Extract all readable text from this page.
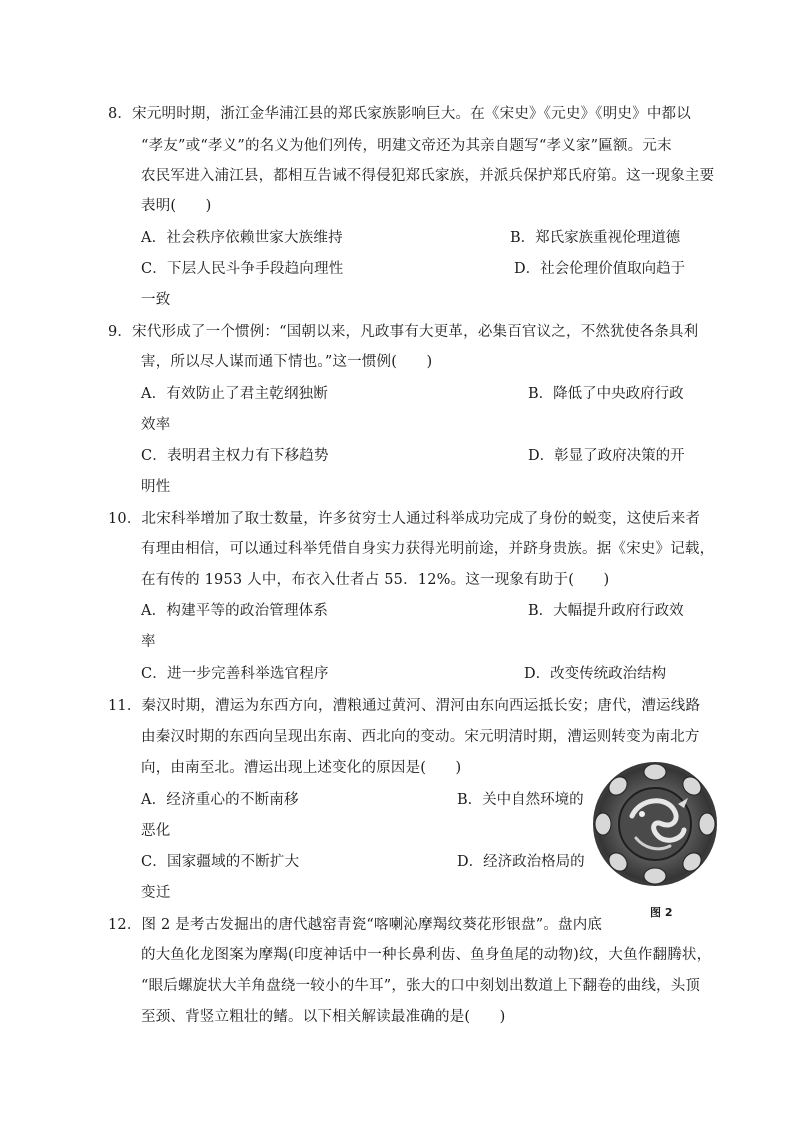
8．宋元明时期，浙江金华浦江县的郑氏家族影响巨大。在《宋史》《元史》《明史》中都以
“孝友”或“孝义”的名义为他们列传，明建文帝还为其亲自题写“孝义家”匾额。元末
农民军进入浦江县，都相互告诫不得侵犯郑氏家族，并派兵保护郑氏府第。这一现象主要
表明(　　)
A．社会秩序依赖世家大族维持	B．郑氏家族重视伦理道德
C．下层人民斗争手段趋向理性	D．社会伦理价值取向趋于
一致
9．宋代形成了一个惯例：“国朝以来，凡政事有大更革，必集百官议之，不然犹使各条具利
害，所以尽人谋而通下情也。”这一惯例(　　)
A．有效防止了君主乾纲独断	B．降低了中央政府行政
效率
C．表明君主权力有下移趋势	D．彰显了政府决策的开
明性
10．北宋科举增加了取士数量，许多贫穷士人通过科举成功完成了身份的蜕变，这使后来者
有理由相信，可以通过科举凭借自身实力获得光明前途，并跻身贵族。据《宋史》记载，
在有传的 1953 人中，布衣入仕者占 55．12%。这一现象有助于(　　)
A．构建平等的政治管理体系	B．大幅提升政府行政效
率
C．进一步完善科举选官程序	D．改变传统政治结构
11．秦汉时期，漕运为东西方向，漕粮通过黄河、渭河由东向西运抵长安；唐代，漕运线路
由秦汉时期的东西向呈现出东南、西北向的变动。宋元明清时期，漕运则转变为南北方
向，由南至北。漕运出现上述变化的原因是(　　)
A．经济重心的不断南移	B．关中自然环境的
恶化
C．国家疆域的不断扩大	D．经济政治格局的
变迁
图 2
12．图 2 是考古发掘出的唐代越窑青瓷“喀喇沁摩羯纹葵花形银盘”。盘内底
的大鱼化龙图案为摩羯(印度神话中一种长鼻利齿、鱼身鱼尾的动物)纹，大鱼作翻腾状，
“眼后螺旋状大羊角盘绕一较小的牛耳”，张大的口中刻划出数道上下翻卷的曲线，头顶
至颈、背竖立粗壮的鳍。以下相关解读最准确的是(　　)
